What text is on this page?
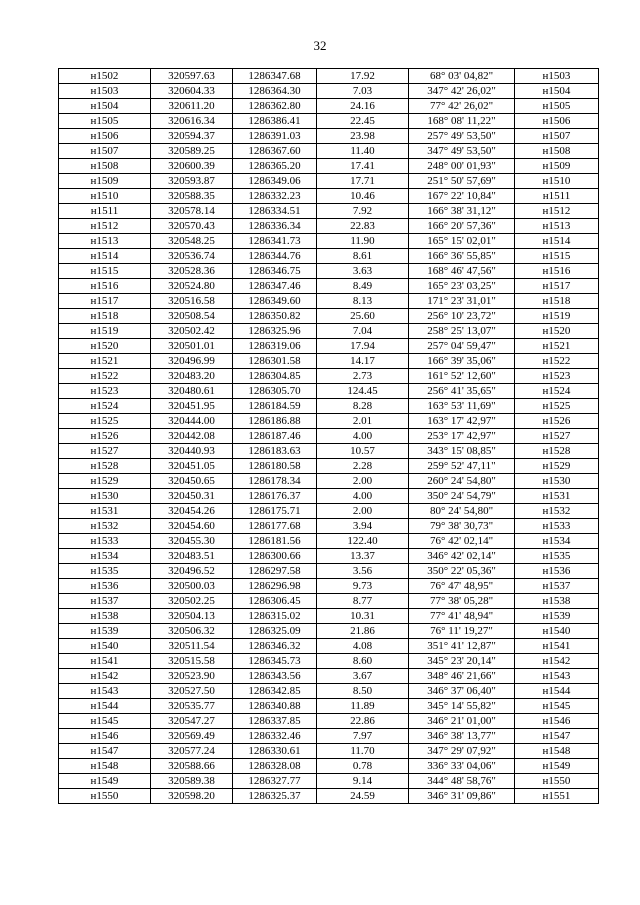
32
н1502	320597.63	1286347.68	17.92	68° 03' 04,82"	н1503
н1503	320604.33	1286364.30	7.03	347° 42' 26,02"	н1504
н1504	320611.20	1286362.80	24.16	77° 42' 26,02"	н1505
н1505	320616.34	1286386.41	22.45	168° 08' 11,22"	н1506
н1506	320594.37	1286391.03	23.98	257° 49' 53,50"	н1507
н1507	320589.25	1286367.60	11.40	347° 49' 53,50"	н1508
н1508	320600.39	1286365.20	17.41	248° 00' 01,93"	н1509
н1509	320593.87	1286349.06	17.71	251° 50' 57,69"	н1510
н1510	320588.35	1286332.23	10.46	167° 22' 10,84"	н1511
н1511	320578.14	1286334.51	7.92	166° 38' 31,12"	н1512
н1512	320570.43	1286336.34	22.83	166° 20' 57,36"	н1513
н1513	320548.25	1286341.73	11.90	165° 15' 02,01"	н1514
н1514	320536.74	1286344.76	8.61	166° 36' 55,85"	н1515
н1515	320528.36	1286346.75	3.63	168° 46' 47,56"	н1516
н1516	320524.80	1286347.46	8.49	165° 23' 03,25"	н1517
н1517	320516.58	1286349.60	8.13	171° 23' 31,01"	н1518
н1518	320508.54	1286350.82	25.60	256° 10' 23,72"	н1519
н1519	320502.42	1286325.96	7.04	258° 25' 13,07"	н1520
н1520	320501.01	1286319.06	17.94	257° 04' 59,47"	н1521
н1521	320496.99	1286301.58	14.17	166° 39' 35,06"	н1522
н1522	320483.20	1286304.85	2.73	161° 52' 12,60"	н1523
н1523	320480.61	1286305.70	124.45	256° 41' 35,65"	н1524
н1524	320451.95	1286184.59	8.28	163° 53' 11,69"	н1525
н1525	320444.00	1286186.88	2.01	163° 17' 42,97"	н1526
н1526	320442.08	1286187.46	4.00	253° 17' 42,97"	н1527
н1527	320440.93	1286183.63	10.57	343° 15' 08,85"	н1528
н1528	320451.05	1286180.58	2.28	259° 52' 47,11"	н1529
н1529	320450.65	1286178.34	2.00	260° 24' 54,80"	н1530
н1530	320450.31	1286176.37	4.00	350° 24' 54,79"	н1531
н1531	320454.26	1286175.71	2.00	80° 24' 54,80"	н1532
н1532	320454.60	1286177.68	3.94	79° 38' 30,73"	н1533
н1533	320455.30	1286181.56	122.40	76° 42' 02,14"	н1534
н1534	320483.51	1286300.66	13.37	346° 42' 02,14"	н1535
н1535	320496.52	1286297.58	3.56	350° 22' 05,36"	н1536
н1536	320500.03	1286296.98	9.73	76° 47' 48,95"	н1537
н1537	320502.25	1286306.45	8.77	77° 38' 05,28"	н1538
н1538	320504.13	1286315.02	10.31	77° 41' 48,94"	н1539
н1539	320506.32	1286325.09	21.86	76° 11' 19,27"	н1540
н1540	320511.54	1286346.32	4.08	351° 41' 12,87"	н1541
н1541	320515.58	1286345.73	8.60	345° 23' 20,14"	н1542
н1542	320523.90	1286343.56	3.67	348° 46' 21,66"	н1543
н1543	320527.50	1286342.85	8.50	346° 37' 06,40"	н1544
н1544	320535.77	1286340.88	11.89	345° 14' 55,82"	н1545
н1545	320547.27	1286337.85	22.86	346° 21' 01,00"	н1546
н1546	320569.49	1286332.46	7.97	346° 38' 13,77"	н1547
н1547	320577.24	1286330.61	11.70	347° 29' 07,92"	н1548
н1548	320588.66	1286328.08	0.78	336° 33' 04,06"	н1549
н1549	320589.38	1286327.77	9.14	344° 48' 58,76"	н1550
н1550	320598.20	1286325.37	24.59	346° 31' 09,86"	н1551
